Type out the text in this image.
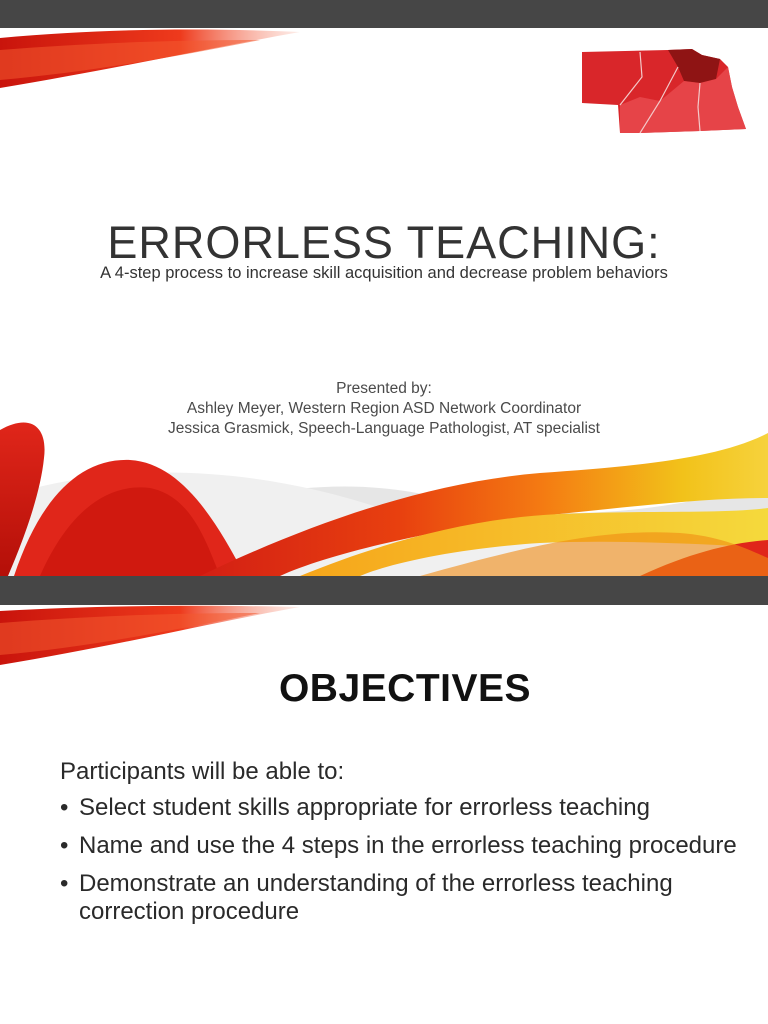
ERRORLESS TEACHING:

A 4-step process to increase skill acquisition and decrease problem behaviors

Presented by:
Ashley Meyer, Western Region ASD Network Coordinator
Jessica Grasmick, Speech-Language Pathologist, AT specialist
OBJECTIVES

Participants will be able to:

• Select student skills appropriate for errorless teaching
• Name and use the 4 steps in the errorless teaching procedure
• Demonstrate an understanding of the errorless teaching correction procedure
